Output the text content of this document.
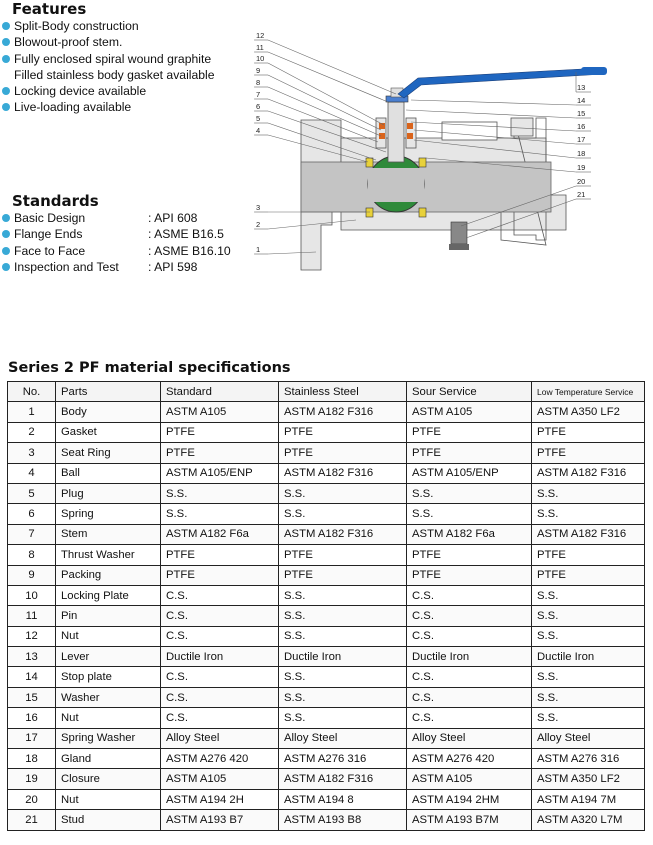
Features
Split-Body construction
Blowout-proof stem.
Fully enclosed spiral wound graphite
Filled stainless body gasket available
Locking device available
Live-loading available
Standards
Basic Design	: API 608
Flange Ends	: ASME B16.5
Face to Face	: ASME B16.10
Inspection and Test : API 598
12
11
10
9
8
7
6
5
4
3
2
1
13
14
15
16
17
18
19
20
21
Series 2 PF material specifications
No.	Parts	Standard	Stainless Steel	Sour Service	Low Temperature Service
1	Body	ASTM A105	ASTM A182 F316	ASTM A105	ASTM A350 LF2
2	Gasket	PTFE	PTFE	PTFE	PTFE
3	Seat Ring	PTFE	PTFE	PTFE	PTFE
4	Ball	ASTM A105/ENP	ASTM A182 F316	ASTM A105/ENP	ASTM A182 F316
5	Plug	S.S.	S.S.	S.S.	S.S.
6	Spring	S.S.	S.S.	S.S.	S.S.
7	Stem	ASTM A182 F6a	ASTM A182 F316	ASTM A182 F6a	ASTM A182 F316
8	Thrust Washer	PTFE	PTFE	PTFE	PTFE
9	Packing	PTFE	PTFE	PTFE	PTFE
10	Locking Plate	C.S.	S.S.	C.S.	S.S.
11	Pin	C.S.	S.S.	C.S.	S.S.
12	Nut	C.S.	S.S.	C.S.	S.S.
13	Lever	Ductile Iron	Ductile Iron	Ductile Iron	Ductile Iron
14	Stop plate	C.S.	S.S.	C.S.	S.S.
15	Washer	C.S.	S.S.	C.S.	S.S.
16	Nut	C.S.	S.S.	C.S.	S.S.
17	Spring Washer	Alloy Steel	Alloy Steel	Alloy Steel	Alloy Steel
18	Gland	ASTM A276 420	ASTM A276 316	ASTM A276 420	ASTM A276 316
19	Closure	ASTM A105	ASTM A182 F316	ASTM A105	ASTM A350 LF2
20	Nut	ASTM A194 2H	ASTM A194 8	ASTM A194 2HM	ASTM A194 7M
21	Stud	ASTM A193 B7	ASTM A193 B8	ASTM A193 B7M	ASTM A320 L7M
